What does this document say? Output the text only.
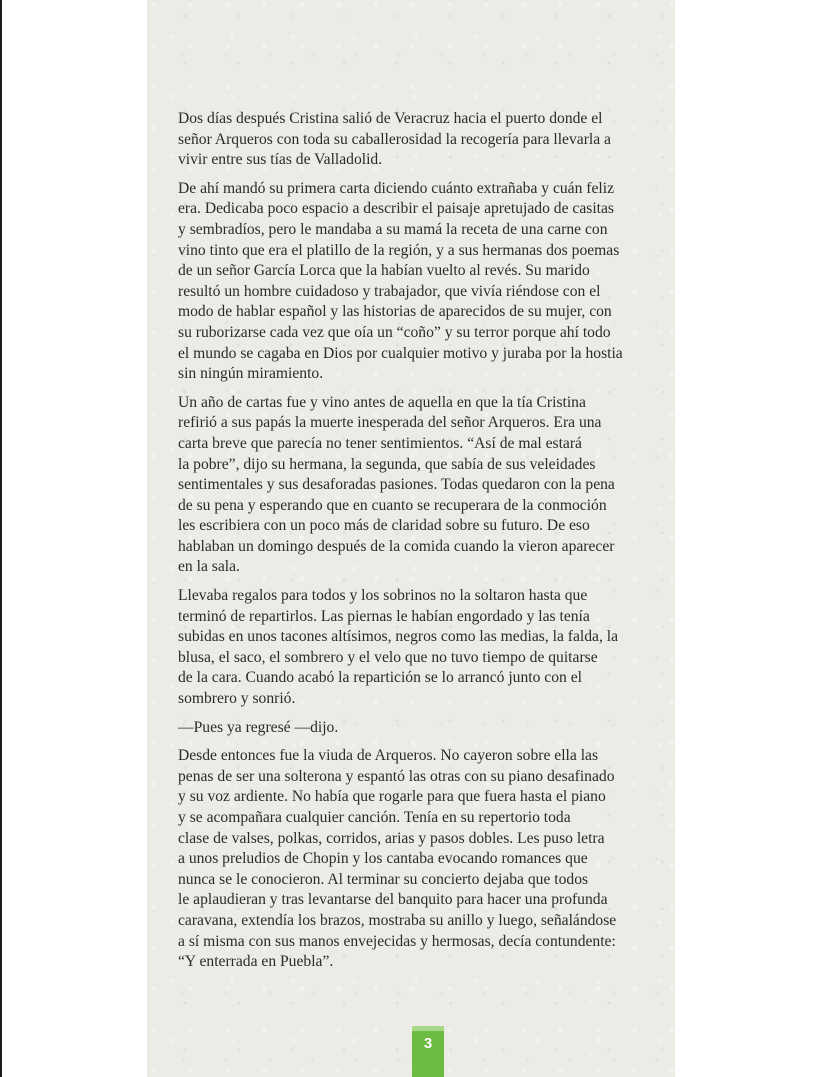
Dos días después Cristina salió de Veracruz hacia el puerto donde el
señor Arqueros con toda su caballerosidad la recogería para llevarla a
vivir entre sus tías de Valladolid.

De ahí mandó su primera carta diciendo cuánto extrañaba y cuán feliz
era. Dedicaba poco espacio a describir el paisaje apretujado de casitas
y sembradíos, pero le mandaba a su mamá la receta de una carne con
vino tinto que era el platillo de la región, y a sus hermanas dos poemas
de un señor García Lorca que la habían vuelto al revés. Su marido
resultó un hombre cuidadoso y trabajador, que vivía riéndose con el
modo de hablar español y las historias de aparecidos de su mujer, con
su ruborizarse cada vez que oía un “coño” y su terror porque ahí todo
el mundo se cagaba en Dios por cualquier motivo y juraba por la hostia
sin ningún miramiento.

Un año de cartas fue y vino antes de aquella en que la tía Cristina
refirió a sus papás la muerte inesperada del señor Arqueros. Era una
carta breve que parecía no tener sentimientos. “Así de mal estará
la pobre”, dijo su hermana, la segunda, que sabía de sus veleidades
sentimentales y sus desaforadas pasiones. Todas quedaron con la pena
de su pena y esperando que en cuanto se recuperara de la conmoción
les escribiera con un poco más de claridad sobre su futuro. De eso
hablaban un domingo después de la comida cuando la vieron aparecer
en la sala.

Llevaba regalos para todos y los sobrinos no la soltaron hasta que
terminó de repartirlos. Las piernas le habían engordado y las tenía
subidas en unos tacones altísimos, negros como las medias, la falda, la
blusa, el saco, el sombrero y el velo que no tuvo tiempo de quitarse
de la cara. Cuando acabó la repartición se lo arrancó junto con el
sombrero y sonrió.

—Pues ya regresé —dijo.

Desde entonces fue la viuda de Arqueros. No cayeron sobre ella las
penas de ser una solterona y espantó las otras con su piano desafinado
y su voz ardiente. No había que rogarle para que fuera hasta el piano
y se acompañara cualquier canción. Tenía en su repertorio toda
clase de valses, polkas, corridos, arias y pasos dobles. Les puso letra
a unos preludios de Chopin y los cantaba evocando romances que
nunca se le conocieron. Al terminar su concierto dejaba que todos
le aplaudieran y tras levantarse del banquito para hacer una profunda
caravana, extendía los brazos, mostraba su anillo y luego, señalándose
a sí misma con sus manos envejecidas y hermosas, decía contundente:
“Y enterrada en Puebla”.

3
